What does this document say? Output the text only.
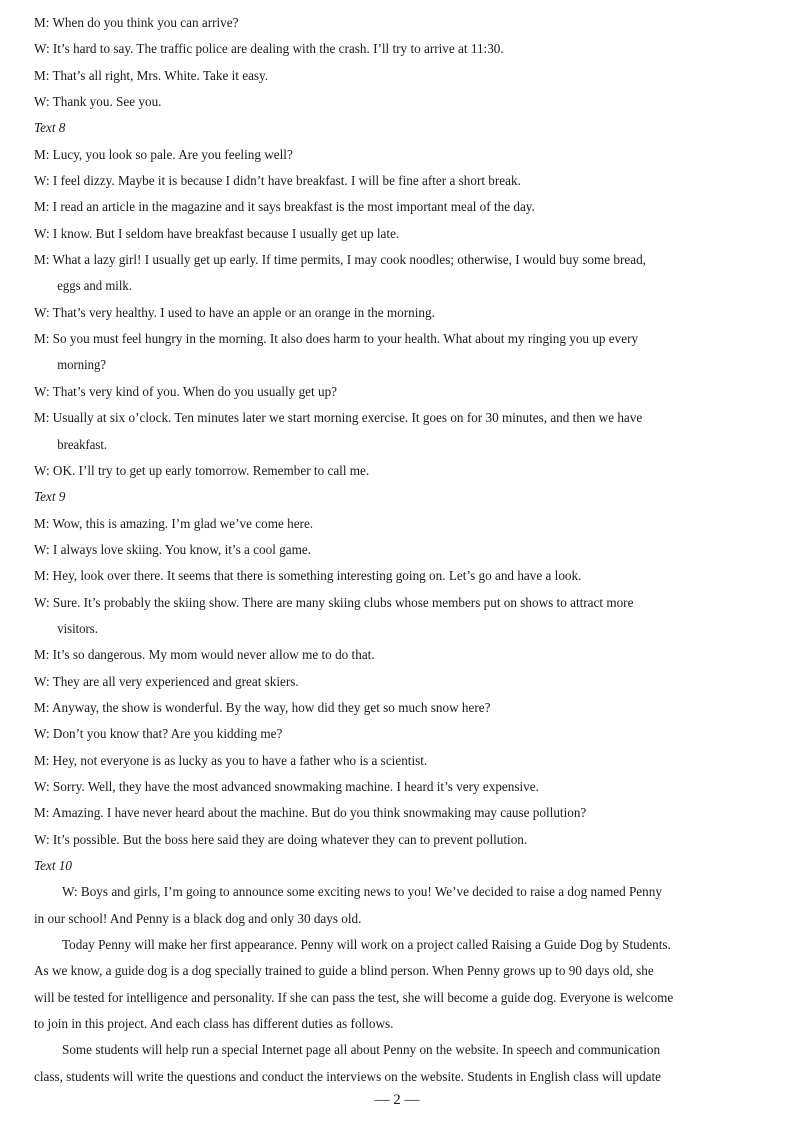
M: When do you think you can arrive?
W: It’s hard to say. The traffic police are dealing with the crash. I’ll try to arrive at 11:30.
M: That’s all right, Mrs. White. Take it easy.
W: Thank you. See you.
Text 8
M: Lucy, you look so pale. Are you feeling well?
W: I feel dizzy. Maybe it is because I didn’t have breakfast. I will be fine after a short break.
M: I read an article in the magazine and it says breakfast is the most important meal of the day.
W: I know. But I seldom have breakfast because I usually get up late.
M: What a lazy girl! I usually get up early. If time permits, I may cook noodles; otherwise, I would buy some bread,
eggs and milk.
W: That’s very healthy. I used to have an apple or an orange in the morning.
M: So you must feel hungry in the morning. It also does harm to your health. What about my ringing you up every
morning?
W: That’s very kind of you. When do you usually get up?
M: Usually at six o’clock. Ten minutes later we start morning exercise. It goes on for 30 minutes, and then we have
breakfast.
W: OK. I’ll try to get up early tomorrow. Remember to call me.
Text 9
M: Wow, this is amazing. I’m glad we’ve come here.
W: I always love skiing. You know, it’s a cool game.
M: Hey, look over there. It seems that there is something interesting going on. Let’s go and have a look.
W: Sure. It’s probably the skiing show. There are many skiing clubs whose members put on shows to attract more
visitors.
M: It’s so dangerous. My mom would never allow me to do that.
W: They are all very experienced and great skiers.
M: Anyway, the show is wonderful. By the way, how did they get so much snow here?
W: Don’t you know that? Are you kidding me?
M: Hey, not everyone is as lucky as you to have a father who is a scientist.
W: Sorry. Well, they have the most advanced snowmaking machine. I heard it’s very expensive.
M: Amazing. I have never heard about the machine. But do you think snowmaking may cause pollution?
W: It’s possible. But the boss here said they are doing whatever they can to prevent pollution.
Text 10
W: Boys and girls, I’m going to announce some exciting news to you! We’ve decided to raise a dog named Penny
in our school! And Penny is a black dog and only 30 days old.
Today Penny will make her first appearance. Penny will work on a project called Raising a Guide Dog by Students.
As we know, a guide dog is a dog specially trained to guide a blind person. When Penny grows up to 90 days old, she
will be tested for intelligence and personality. If she can pass the test, she will become a guide dog. Everyone is welcome
to join in this project. And each class has different duties as follows.
Some students will help run a special Internet page all about Penny on the website. In speech and communication
class, students will write the questions and conduct the interviews on the website. Students in English class will update
— 2 —
